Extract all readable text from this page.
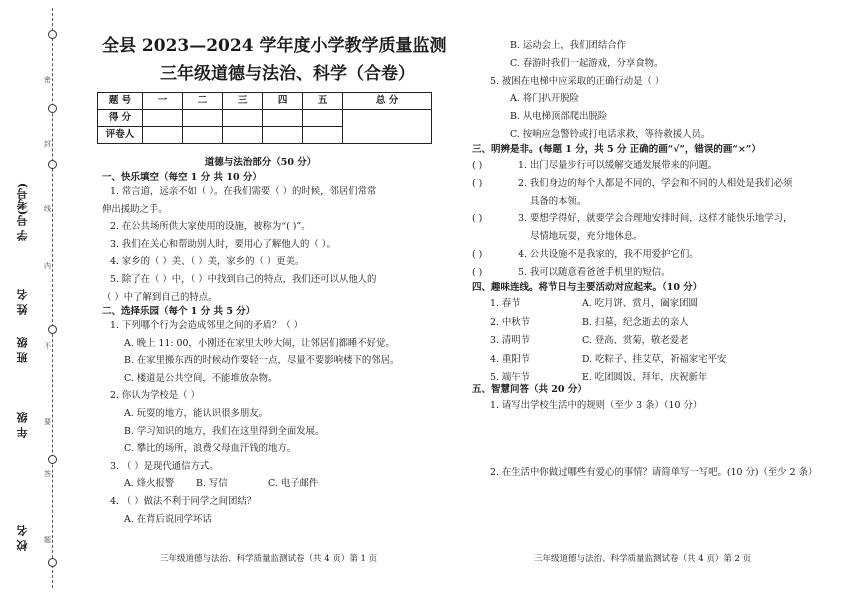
密
封
线
内
不
要
答
题
学 号(考号)
姓 名
班 级
年 级
校 名
全县 2023—2024 学年度小学教学质量监测
三年级道德与法治、科学（合卷）
题 号	一	二	三	四	五	总 分
得 分						
评卷人						
道德与法治部分（50 分）
一、快乐填空（每空 1 分 共 10 分）
1. 常言道，远亲不如（ ）。在我们需要（ ）的时候，邻居们常常
伸出援助之手。
2. 在公共场所供大家使用的设施，被称为“( )”。
3. 我们在关心和帮助别人时，要用心了解他人的（ ）。
4. 家乡的（ ）美、（ ）美，家乡的（ ）更美。
5. 除了在（ ）中，（ ）中找到自己的特点，我们还可以从他人的
（ ）中了解到自己的特点。
二、选择乐园（每个 1 分 共 5 分）
1. 下列哪个行为会造成邻里之间的矛盾？（ ）
A. 晚上 11: 00，小刚还在家里大吵大闹，让邻居们都睡不好觉。
B. 在家里搬东西的时候动作要轻一点，尽量不要影响楼下的邻居。
C. 楼道是公共空间，不能堆放杂物。
2. 你认为学校是（ ）
A. 玩耍的地方，能认识很多朋友。
B. 学习知识的地方，我们在这里得到全面发展。
C. 攀比的场所，浪费父母血汗钱的地方。
3. （ ）是现代通信方式。
A. 烽火报警 B. 写信	C. 电子邮件
4. （ ）做法不利于同学之间团结？
A. 在背后说同学坏话
三年级道德与法治、科学质量监测试卷（共 4 页）第 1 页
B. 运动会上，我们团结合作
C. 春游时我们一起游戏，分享食物。
5. 被困在电梯中应采取的正确行动是（ ）
A. 将门扒开脱险
B. 从电梯顶部爬出脱险
C. 按响应急警铃或打电话求救，等待救援人员。
三、明辨是非。(每题 1 分，共 5 分 正确的画“√”，错误的画“×”）
( )	1. 出门尽量步行可以缓解交通发展带来的问题。
( )	2. 我们身边的每个人都是不同的，学会和不同的人相处是我们必须
具备的本领。
( )	3. 要想学得好，就要学会合理地安排时间，这样才能快乐地学习，
尽情地玩耍，充分地休息。
( )	4. 公共设施不是我家的，我不用爱护它们。
( )	5. 我可以随意看爸爸手机里的短信。
四、趣味连线。将节日与主要活动对应起来。（10 分）
1. 春节	A. 吃月饼、赏月，阖家团圆
2. 中秋节	B. 扫墓，纪念逝去的亲人
3. 清明节	C. 登高、赏菊，敬老爱老
4. 重阳节	D. 吃粽子、挂艾草，祈福家宅平安
5. 端午节	E. 吃团圆饭、拜年，庆祝新年
五、智慧问答（共 20 分）
1. 请写出学校生活中的规则（至少 3 条）（10 分）
2. 在生活中你做过哪些有爱心的事情？请简单写一写吧。(10 分)（至少 2 条）
三年级道德与法治、科学质量监测试卷（共 4 页）第 2 页
